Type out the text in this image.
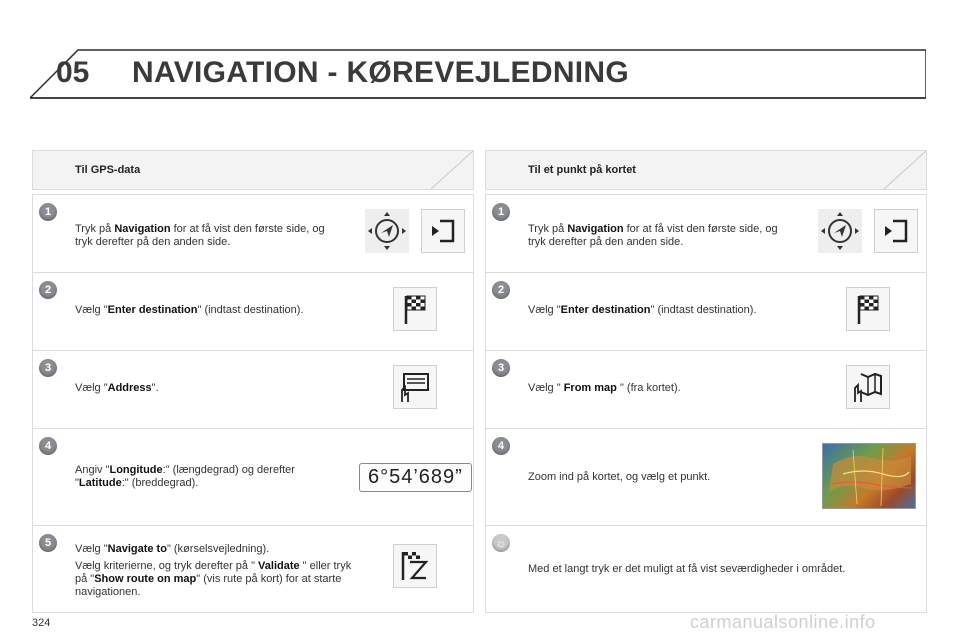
05 NAVIGATION - KØREVEJLEDNING
Til GPS-data
1
Tryk på Navigation for at få vist den første side, og tryk derefter på den anden side.
2
Vælg "Enter destination" (indtast destination).
3
Vælg "Address".
4
Angiv "Longitude:" (længdegrad) og derefter "Latitude:" (breddegrad).	6°54’689”
5	Vælg "Navigate to" (kørselsvejledning).
Vælg kriterierne, og tryk derefter på " Validate " eller tryk på "Show route on map" (vis rute på kort) for at starte navigationen.
Til et punkt på kortet
1
Tryk på Navigation for at få vist den første side, og tryk derefter på den anden side.
2
Vælg "Enter destination" (indtast destination).
3
Vælg " From map " (fra kortet).
4
Zoom ind på kortet, og vælg et punkt.
☼
Med et langt tryk er det muligt at få vist seværdigheder i området.
324	carmanualsonline.info
